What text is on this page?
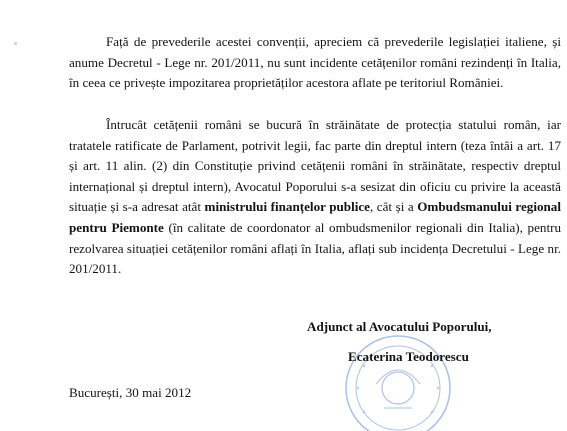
Față de prevederile acestei convenții, apreciem că prevederile legislației italiene, și anume Decretul - Lege nr. 201/2011, nu sunt incidente cetățenilor români rezindenți în Italia, în ceea ce privește impozitarea proprietăților acestora aflate pe teritoriul României.

Întrucât cetățenii români se bucură în străinătate de protecția statului român, iar tratatele ratificate de Parlament, potrivit legii, fac parte din dreptul intern (teza întâi a art. 17 și art. 11 alin. (2) din Constituție privind cetățenii români în străinătate, respectiv dreptul internațional și dreptul intern), Avocatul Poporului s-a sesizat din oficiu cu privire la această situație și s-a adresat atât ministrului finanțelor publice, cât și a Ombudsmanului regional pentru Piemonte (în calitate de coordonator al ombudsmenilor regionali din Italia), pentru rezolvarea situației cetățenilor români aflați în Italia, aflați sub incidența Decretului - Lege nr. 201/2011.

Adjunct al Avocatului Poporului,
Ecaterina Teodorescu
București, 30 mai 2012
